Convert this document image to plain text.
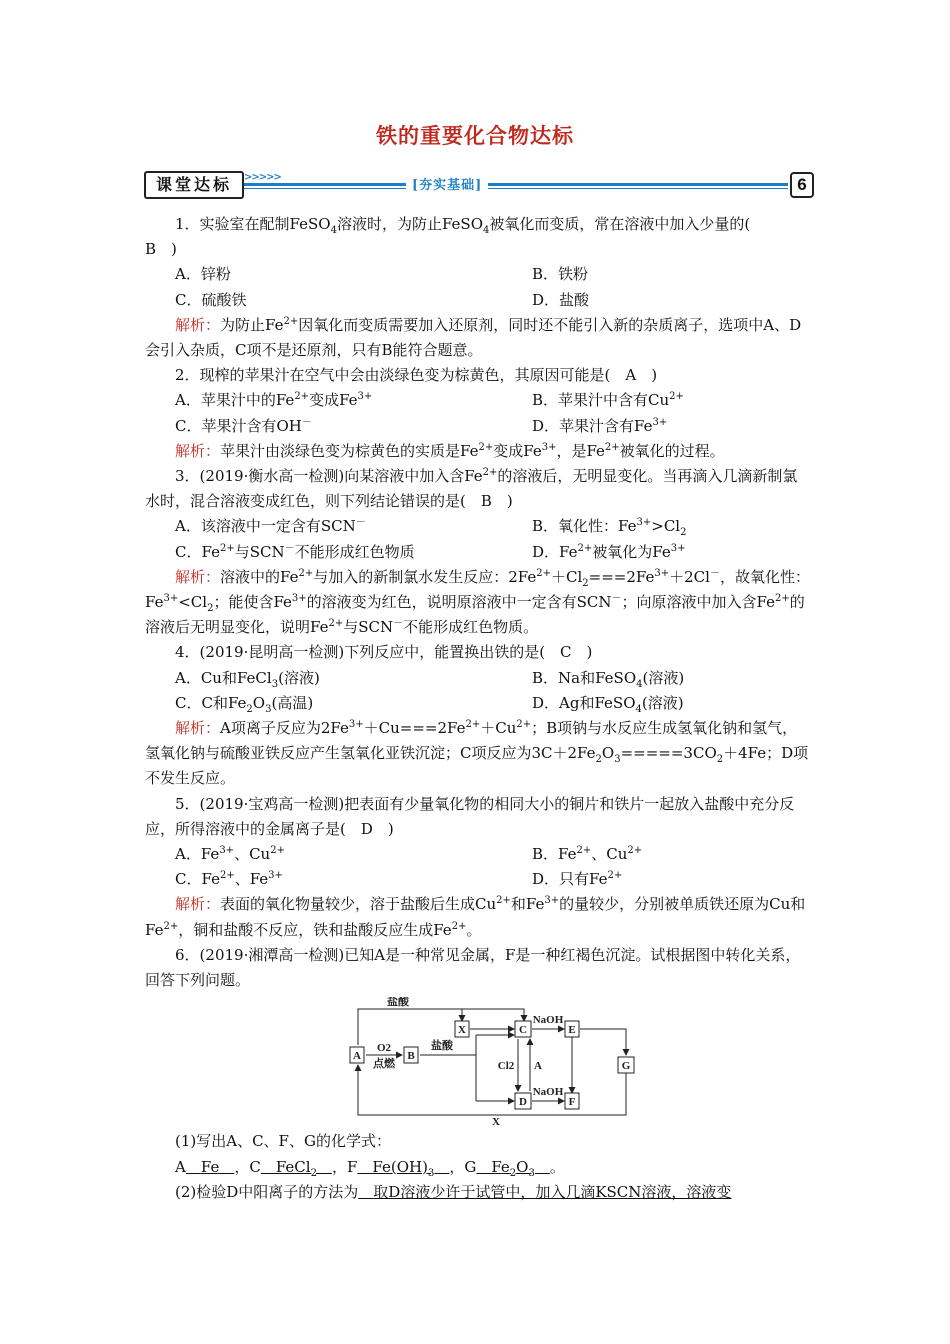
铁的重要化合物达标
课堂达标	>>>>>
[夯实基础]	6

1．实验室在配制FeSO$_4$溶液时，为防止FeSO$_4$被氧化而变质，常在溶液中加入少量的(

B　)

A．锌粉	B．铁粉
C．硫酸铁	D．盐酸

解析：为防止$Fe^{2+}$因氧化而变质需要加入还原剂，同时还不能引入新的杂质离子，选项中A、D会引入杂质，C项不是还原剂，只有B能符合题意。

2．现榨的苹果汁在空气中会由淡绿色变为棕黄色，其原因可能是(　A　)

A．苹果汁中的$Fe^{2+}$变成$Fe^{3+}$	B．苹果汁中含有$Cu^{2+}$
C．苹果汁含有OH－	D．苹果汁含有$Fe^{3+}$

解析：苹果汁由淡绿色变为棕黄色的实质是$Fe^{2+}$变成$Fe^{3+}$，是$Fe^{2+}$被氧化的过程。

3．(2019·衡水高一检测)向某溶液中加入含$Fe^{2+}$的溶液后，无明显变化。当再滴入几滴新制氯水时，混合溶液变成红色，则下列结论错误的是(　B　)

A．该溶液中一定含有SCN－	B．氧化性：$Fe^{3+}>Cl_2$
C．$Fe^{2+}$与SCN－不能形成红色物质	D．$Fe^{2+}$被氧化为$Fe^{3+}$

解析：溶液中的$Fe^{2+}$与加入的新制氯水发生反应：$2Fe^{2+}+Cl_2===2Fe^{3+}+2Cl^-$，故氧化性：$Fe^{3+}<Cl_2$；能使含$Fe^{3+}$的溶液变为红色，说明原溶液中一定含有SCN－；向原溶液中加入含$Fe^{2+}$的溶液后无明显变化，说明$Fe^{2+}$与SCN－不能形成红色物质。

4．(2019·昆明高一检测)下列反应中，能置换出铁的是(　C　)

A．Cu和FeCl$_3$(溶液)	B．Na和FeSO$_4$(溶液)
C．C和$Fe_2O_3$(高温)	D．Ag和FeSO$_4$(溶液)

解析：A项离子反应为$2Fe^{3+}+Cu===2Fe^{2+}+Cu^{2+}$；B项钠与水反应生成氢氧化钠和氢气，氢氧化钠与硫酸亚铁反应产生氢氧化亚铁沉淀；C项反应为$3C+2Fe_2O_3=====3CO_2+4Fe$；D项不发生反应。

5．(2019·宝鸡高一检测)把表面有少量氧化物的相同大小的铜片和铁片一起放入盐酸中充分反应，所得溶液中的金属离子是(　D　)

A．$Fe^{3+}$、$Cu^{2+}$	B．$Fe^{2+}$、$Cu^{2+}$
C．$Fe^{2+}$、$Fe^{3+}$	D．只有$Fe^{2+}$

解析：表面的氧化物量较少，溶于盐酸后生成$Cu^{2+}$和$Fe^{3+}$的量较少，分别被单质铁还原为Cu和$Fe^{2+}$，铜和盐酸不反应，铁和盐酸反应生成$Fe^{2+}$。

6．(2019·湘潭高一检测)已知A是一种常见金属，F是一种红褐色沉淀。试根据图中转化关系，回答下列问题。

A	B
C
D
E
F
G
X
盐酸
盐酸
O2
点燃	Cl2 A
NaOH
NaOH
X

(1)写出A、C、F、G的化学式：

A　 Fe　 ，C　FeCl$_2$　 ，F　$Fe(OH)_3$　 ，G　$Fe_2O_3$　 。

(2)检验D中阳离子的方法为　 取D溶液少许于试管中，加入几滴KSCN溶液，溶液变
